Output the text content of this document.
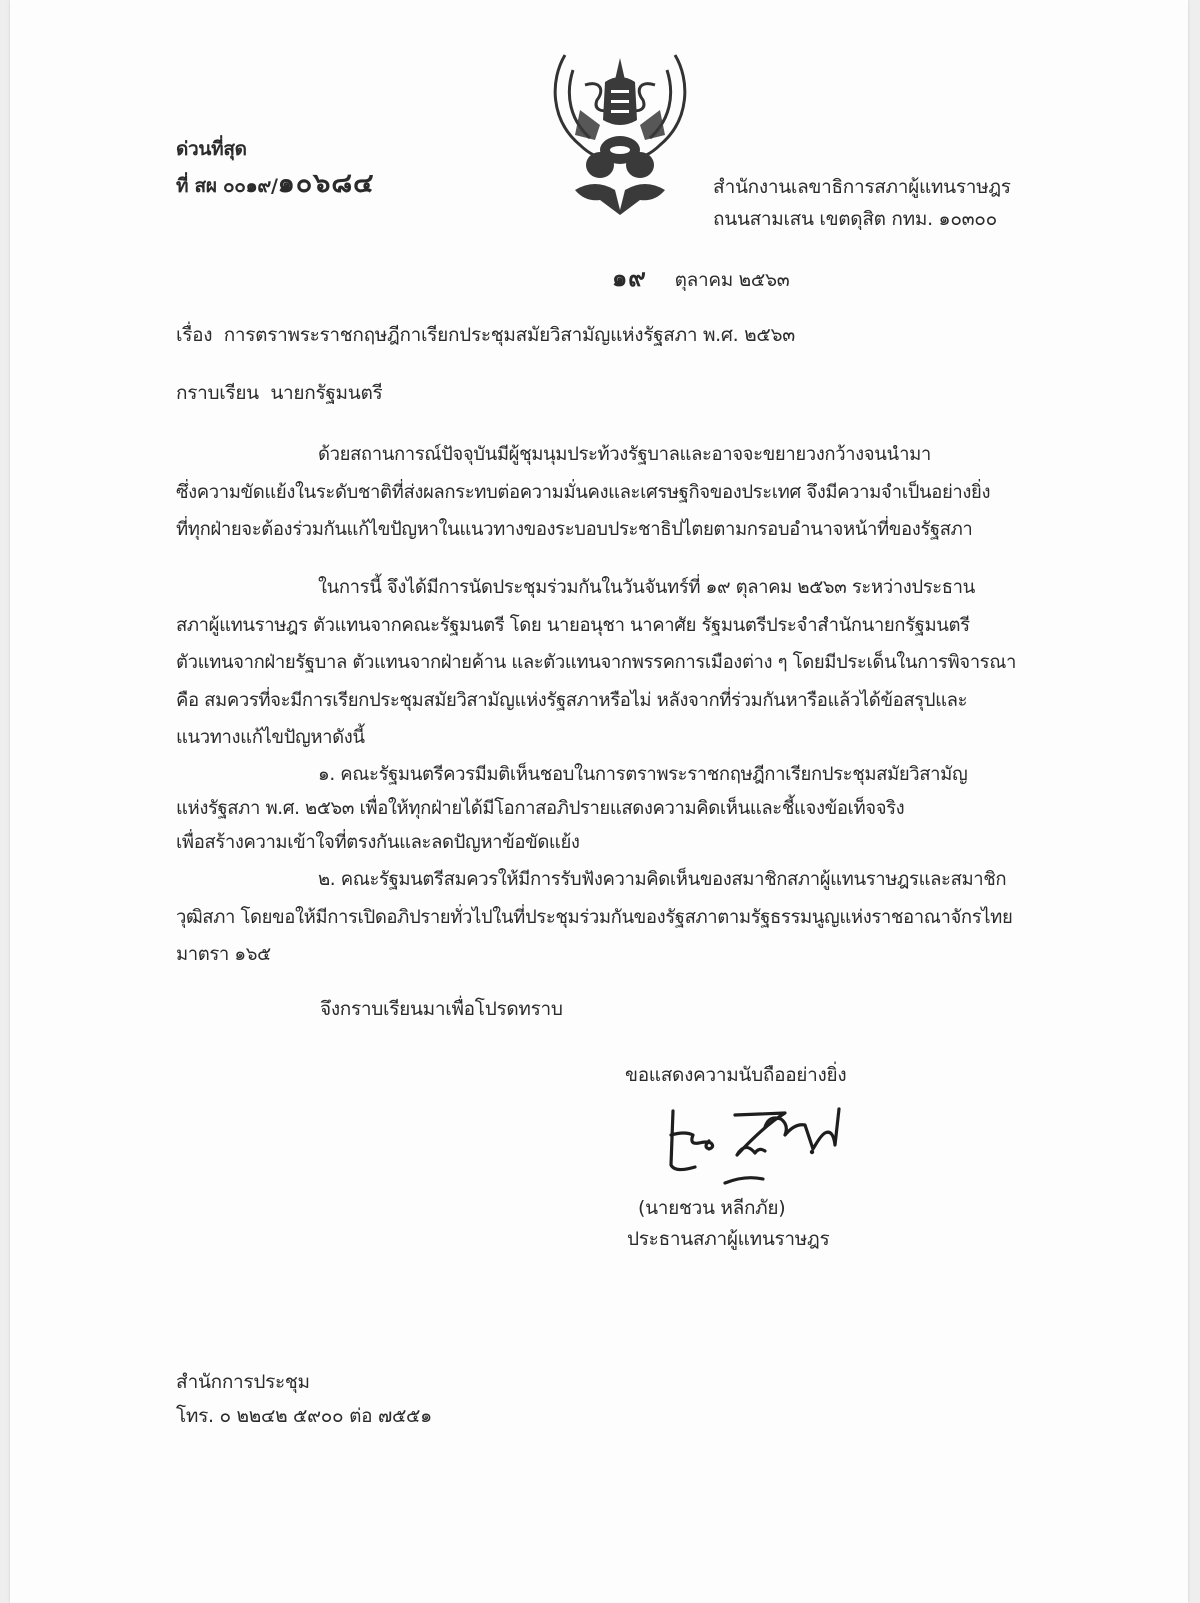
ด่วนที่สุด
ที่ สผ ๐๐๑๙/๑๐๖๘๔	สำนักงานเลขาธิการสภาผู้แทนราษฎร
ถนนสามเสน เขตดุสิต กทม. ๑๐๓๐๐
๑๙ ตุลาคม ๒๕๖๓
เรื่อง การตราพระราชกฤษฎีกาเรียกประชุมสมัยวิสามัญแห่งรัฐสภา พ.ศ. ๒๕๖๓
กราบเรียน นายกรัฐมนตรี
ด้วยสถานการณ์ปัจจุบันมีผู้ชุมนุมประท้วงรัฐบาลและอาจจะขยายวงกว้างจนนำมา
ซึ่งความขัดแย้งในระดับชาติที่ส่งผลกระทบต่อความมั่นคงและเศรษฐกิจของประเทศ จึงมีความจำเป็นอย่างยิ่ง
ที่ทุกฝ่ายจะต้องร่วมกันแก้ไขปัญหาในแนวทางของระบอบประชาธิปไตยตามกรอบอำนาจหน้าที่ของรัฐสภา
ในการนี้ จึงได้มีการนัดประชุมร่วมกันในวันจันทร์ที่ ๑๙ ตุลาคม ๒๕๖๓ ระหว่างประธาน
สภาผู้แทนราษฎร ตัวแทนจากคณะรัฐมนตรี โดย นายอนุชา นาคาศัย รัฐมนตรีประจำสำนักนายกรัฐมนตรี
ตัวแทนจากฝ่ายรัฐบาล ตัวแทนจากฝ่ายค้าน และตัวแทนจากพรรคการเมืองต่าง ๆ โดยมีประเด็นในการพิจารณา
คือ สมควรที่จะมีการเรียกประชุมสมัยวิสามัญแห่งรัฐสภาหรือไม่ หลังจากที่ร่วมกันหารือแล้วได้ข้อสรุปและ
แนวทางแก้ไขปัญหาดังนี้
๑. คณะรัฐมนตรีควรมีมติเห็นชอบในการตราพระราชกฤษฎีกาเรียกประชุมสมัยวิสามัญ
แห่งรัฐสภา พ.ศ. ๒๕๖๓ เพื่อให้ทุกฝ่ายได้มีโอกาสอภิปรายแสดงความคิดเห็นและชี้แจงข้อเท็จจริง
เพื่อสร้างความเข้าใจที่ตรงกันและลดปัญหาข้อขัดแย้ง
๒. คณะรัฐมนตรีสมควรให้มีการรับฟังความคิดเห็นของสมาชิกสภาผู้แทนราษฎรและสมาชิก
วุฒิสภา โดยขอให้มีการเปิดอภิปรายทั่วไปในที่ประชุมร่วมกันของรัฐสภาตามรัฐธรรมนูญแห่งราชอาณาจักรไทย
มาตรา ๑๖๕
จึงกราบเรียนมาเพื่อโปรดทราบ
ขอแสดงความนับถืออย่างยิ่ง
(นายชวน หลีกภัย)
ประธานสภาผู้แทนราษฎร
สำนักการประชุม
โทร. ๐ ๒๒๔๒ ๕๙๐๐ ต่อ ๗๕๕๑
